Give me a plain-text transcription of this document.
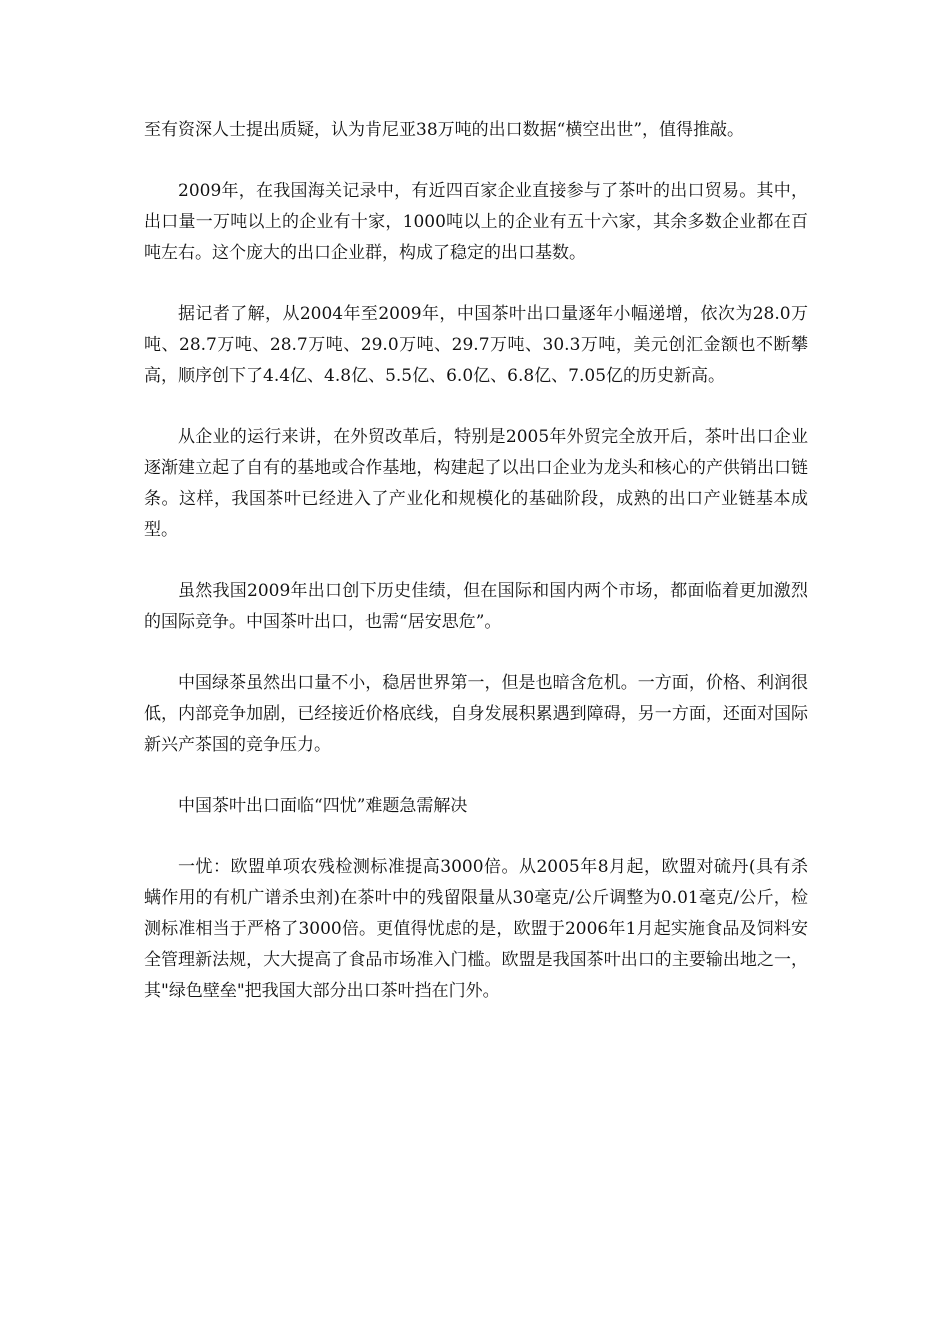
至有资深人士提出质疑，认为肯尼亚38万吨的出口数据“横空出世”，值得推敲。

2009年，在我国海关记录中，有近四百家企业直接参与了茶叶的出口贸易。其中，出口量一万吨以上的企业有十家，1000吨以上的企业有五十六家，其余多数企业都在百吨左右。这个庞大的出口企业群，构成了稳定的出口基数。

据记者了解，从2004年至2009年，中国茶叶出口量逐年小幅递增，依次为28.0万吨、28.7万吨、28.7万吨、29.0万吨、29.7万吨、30.3万吨，美元创汇金额也不断攀高，顺序创下了4.4亿、4.8亿、5.5亿、6.0亿、6.8亿、7.05亿的历史新高。

从企业的运行来讲，在外贸改革后，特别是2005年外贸完全放开后，茶叶出口企业逐渐建立起了自有的基地或合作基地，构建起了以出口企业为龙头和核心的产供销出口链条。这样，我国茶叶已经进入了产业化和规模化的基础阶段，成熟的出口产业链基本成型。

虽然我国2009年出口创下历史佳绩，但在国际和国内两个市场，都面临着更加激烈的国际竞争。中国茶叶出口，也需“居安思危”。

中国绿茶虽然出口量不小，稳居世界第一，但是也暗含危机。一方面，价格、利润很低，内部竞争加剧，已经接近价格底线，自身发展积累遇到障碍，另一方面，还面对国际新兴产茶国的竞争压力。

中国茶叶出口面临“四忧”难题急需解决

一忧：欧盟单项农残检测标准提高3000倍。从2005年8月起，欧盟对硫丹(具有杀螨作用的有机广谱杀虫剂)在茶叶中的残留限量从30毫克/公斤调整为0.01毫克/公斤，检测标准相当于严格了3000倍。更值得忧虑的是，欧盟于2006年1月起实施食品及饲料安全管理新法规，大大提高了食品市场准入门槛。欧盟是我国茶叶出口的主要输出地之一，其"绿色壁垒"把我国大部分出口茶叶挡在门外。
